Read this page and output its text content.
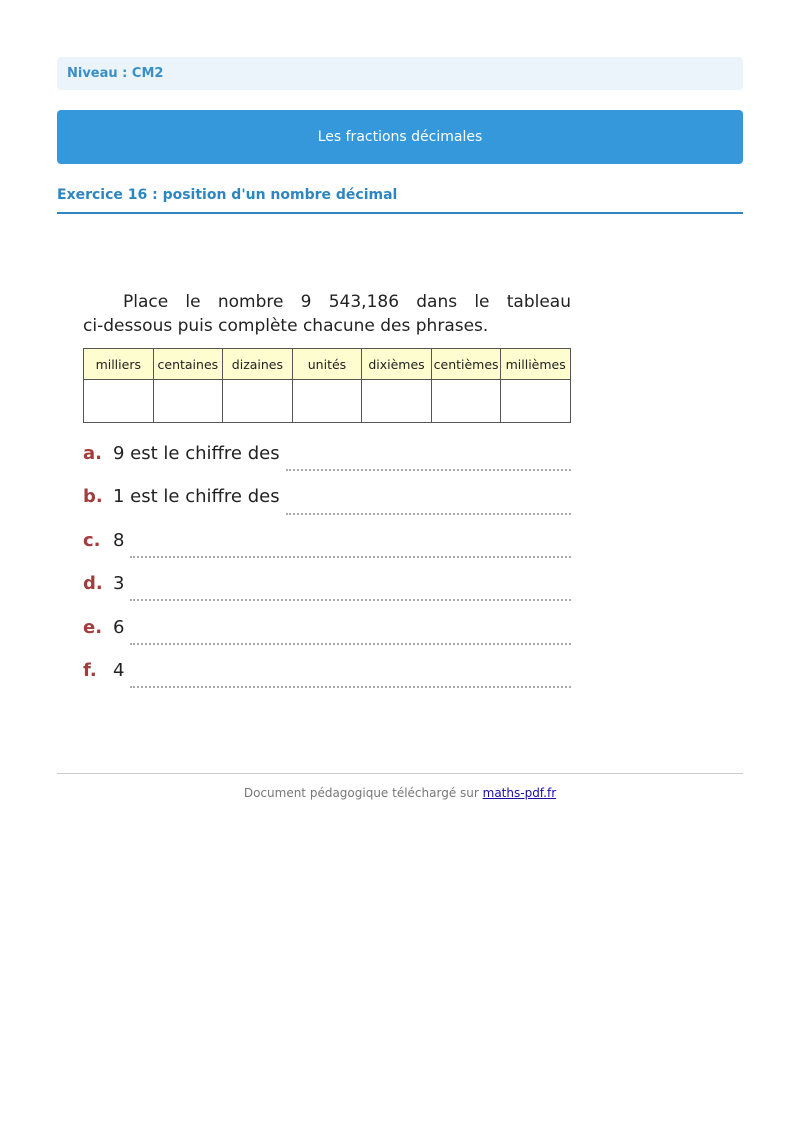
Niveau : CM2
Les fractions décimales
Exercice 16 : position d'un nombre décimal

Place le nombre 9 543,186 dans le tableau

ci-dessous puis complète chacune des phrases.

milliers	centaines	dizaines	unités	dixièmes	centièmes	millièmes

a. 9 est le chiffre des
b. 1 est le chiffre des
c. 8
d. 3
e. 6
f. 4
Document pédagogique téléchargé sur maths-pdf.fr
